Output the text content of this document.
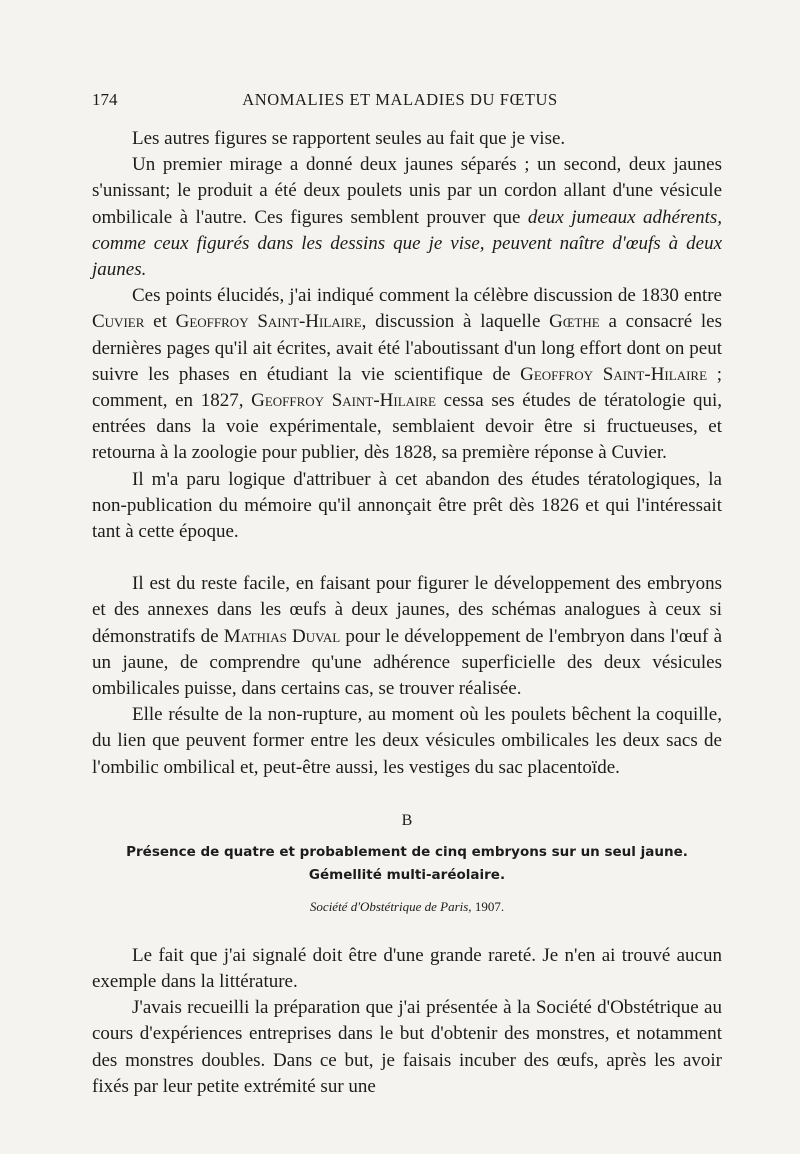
174	ANOMALIES ET MALADIES DU FŒTUS

Les autres figures se rapportent seules au fait que je vise.

Un premier mirage a donné deux jaunes séparés ; un second, deux jaunes s'unissant; le produit a été deux poulets unis par un cordon allant d'une vésicule ombilicale à l'autre. Ces figures semblent prouver que deux jumeaux adhérents, comme ceux figurés dans les dessins que je vise, peuvent naître d'œufs à deux jaunes.

Ces points élucidés, j'ai indiqué comment la célèbre discussion de 1830 entre Cuvier et Geoffroy Saint-Hilaire, discussion à laquelle Gœthe a consacré les dernières pages qu'il ait écrites, avait été l'aboutissant d'un long effort dont on peut suivre les phases en étudiant la vie scientifique de Geoffroy Saint-Hilaire ; comment, en 1827, Geoffroy Saint-Hilaire cessa ses études de tératologie qui, entrées dans la voie expérimentale, semblaient devoir être si fructueuses, et retourna à la zoologie pour publier, dès 1828, sa première réponse à Cuvier.

Il m'a paru logique d'attribuer à cet abandon des études tératologiques, la non-publication du mémoire qu'il annonçait être prêt dès 1826 et qui l'intéressait tant à cette époque.

Il est du reste facile, en faisant pour figurer le développement des embryons et des annexes dans les œufs à deux jaunes, des schémas analogues à ceux si démonstratifs de Mathias Duval pour le développement de l'embryon dans l'œuf à un jaune, de comprendre qu'une adhérence superficielle des deux vésicules ombilicales puisse, dans certains cas, se trouver réalisée.

Elle résulte de la non-rupture, au moment où les poulets bêchent la coquille, du lien que peuvent former entre les deux vésicules ombilicales les deux sacs de l'ombilic ombilical et, peut-être aussi, les vestiges du sac placentoïde.

B
Présence de quatre et probablement de cinq embryons sur un seul jaune.
Gémellité multi-aréolaire.
Société d'Obstétrique de Paris, 1907.

Le fait que j'ai signalé doit être d'une grande rareté. Je n'en ai trouvé aucun exemple dans la littérature.

J'avais recueilli la préparation que j'ai présentée à la Société d'Obstétrique au cours d'expériences entreprises dans le but d'obtenir des monstres, et notamment des monstres doubles. Dans ce but, je faisais incuber des œufs, après les avoir fixés par leur petite extrémité sur une
